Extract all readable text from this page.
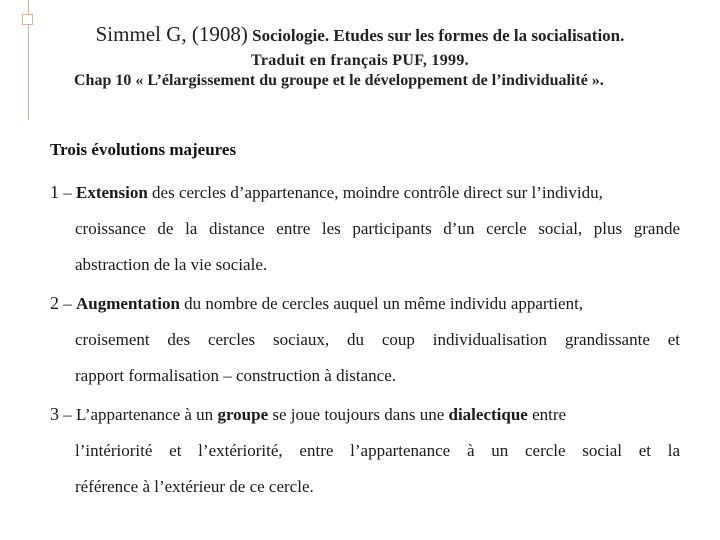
Simmel G, (1908) Sociologie. Etudes sur les formes de la socialisation.
Traduit en français PUF, 1999.
Chap 10 « L’élargissement du groupe et le développement de l’individualité ».
Trois évolutions majeures
1 – Extension des cercles d’appartenance, moindre contrôle direct sur l’individu,
croissance de la distance entre les participants d’un cercle social, plus grande
abstraction de la vie sociale.
2 – Augmentation du nombre de cercles auquel un même individu appartient,
croisement des cercles sociaux, du coup individualisation grandissante et
rapport formalisation – construction à distance.
3 – L’appartenance à un groupe se joue toujours dans une dialectique entre
l’intériorité et l’extériorité, entre l’appartenance à un cercle social et la
référence à l’extérieur de ce cercle.
